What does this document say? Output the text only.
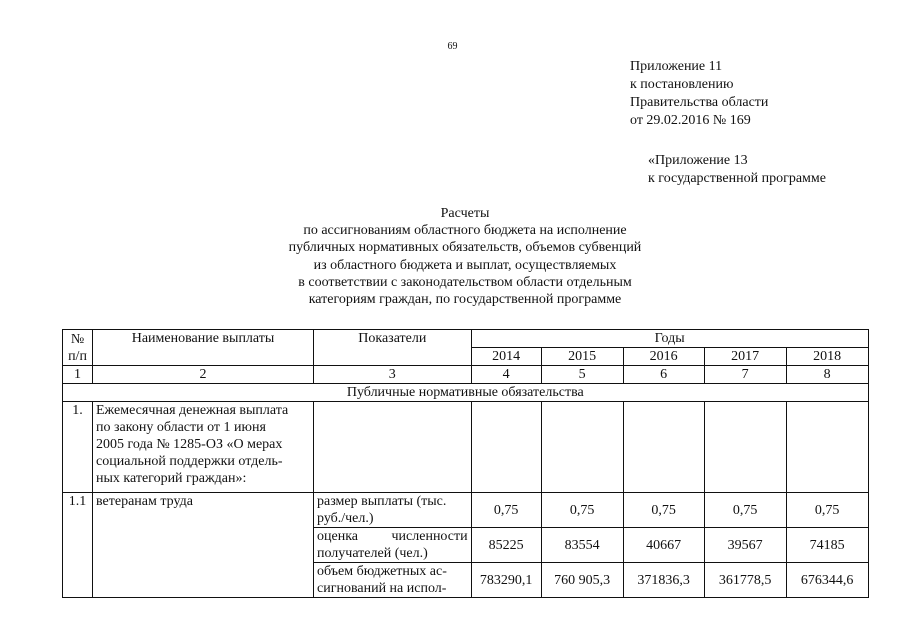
69
Приложение 11
к постановлению
Правительства области
от 29.02.2016 № 169
«Приложение 13
к государственной программе
Расчеты
по ассигнованиям областного бюджета на исполнение
публичных нормативных обязательств, объемов субвенций
из областного бюджета и выплат, осуществляемых
в соответствии с законодательством области отдельным
категориям граждан, по государственной программе
№
п/п	Наименование выплаты	Показатели	Годы				
			2014	2015	2016	2017	2018
1	2	3	4	5	6	7	8
Публичные нормативные обязательства							
1.	Ежемесячная денежная выплата
по закону области от 1 июня
2005 года № 1285-ОЗ «О мерах
социальной поддержки отдель-
ных категорий граждан»:						

1.1	ветеранам труда	размер выплаты (тыс.
руб./чел.)	0,75	0,75	0,75	0,75	0,75

		оценка численности
получателей (чел.)	85225	83554	40667	39567	74185

		объем бюджетных ас-
сигнований на испол-	783290,1	760 905,3	371836,3	361778,5	676344,6
